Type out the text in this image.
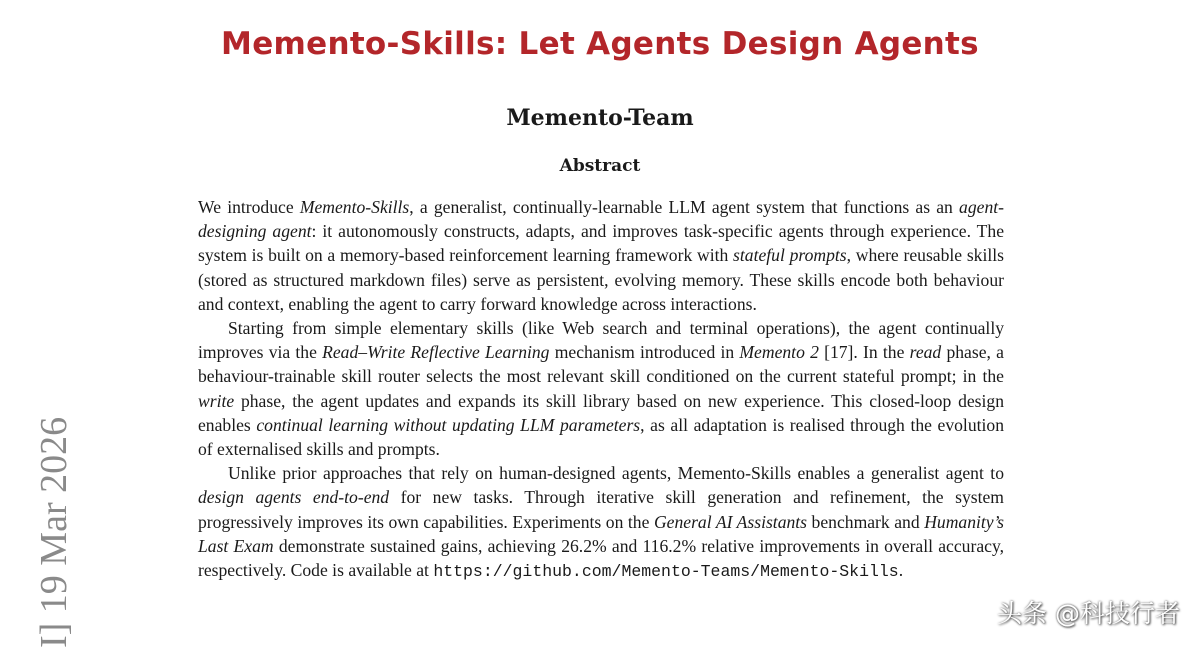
Memento-Skills: Let Agents Design Agents
Memento-Team
Abstract

We introduce Memento-Skills, a generalist, continually-learnable LLM agent system that functions as an agent-designing agent: it autonomously constructs, adapts, and improves task-specific agents through experience. The system is built on a memory-based reinforcement learning framework with stateful prompts, where reusable skills (stored as structured markdown files) serve as persistent, evolving memory. These skills encode both behaviour and context, enabling the agent to carry forward knowledge across interactions.

Starting from simple elementary skills (like Web search and terminal operations), the agent continually improves via the Read–Write Reflective Learning mechanism introduced in Memento 2 [17]. In the read phase, a behaviour-trainable skill router selects the most relevant skill conditioned on the current stateful prompt; in the write phase, the agent updates and expands its skill library based on new experience. This closed-loop design enables continual learning without updating LLM parameters, as all adaptation is realised through the evolution of externalised skills and prompts.

Unlike prior approaches that rely on human-designed agents, Memento-Skills enables a generalist agent to design agents end-to-end for new tasks. Through iterative skill generation and refinement, the system progressively improves its own capabilities. Experiments on the General AI Assistants benchmark and Humanity’s Last Exam demonstrate sustained gains, achieving 26.2% and 116.2% relative improvements in overall accuracy, respectively. Code is available at https://github.com/Memento-Teams/Memento-Skills.

I] 19 Mar 2026	头条 @科技行者
